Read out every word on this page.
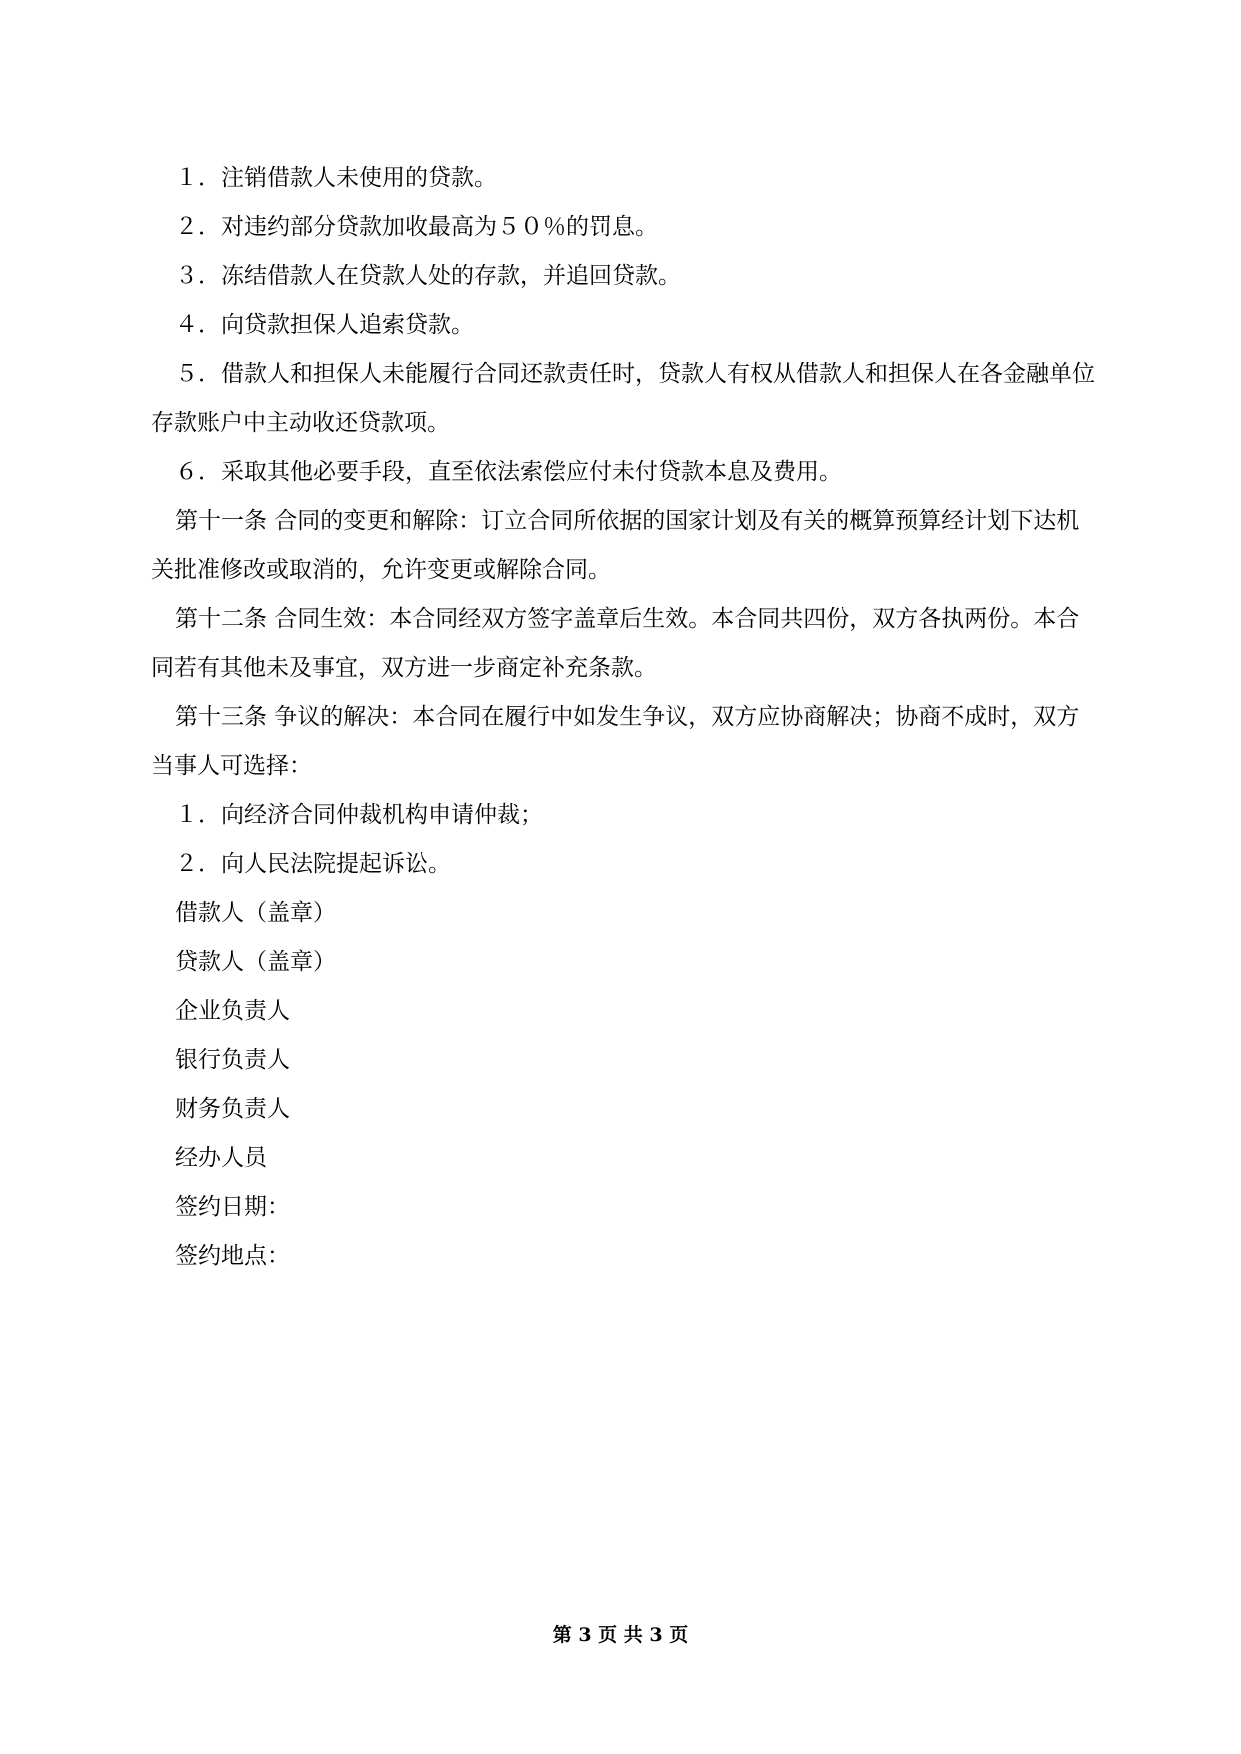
１．注销借款人未使用的贷款。

２．对违约部分贷款加收最高为５０％的罚息。

３．冻结借款人在贷款人处的存款，并追回贷款。

４．向贷款担保人追索贷款。

５．借款人和担保人未能履行合同还款责任时，贷款人有权从借款人和担保人在各金融单位存款账户中主动收还贷款项。

６．采取其他必要手段，直至依法索偿应付未付贷款本息及费用。

第十一条 合同的变更和解除：订立合同所依据的国家计划及有关的概算预算经计划下达机关批准修改或取消的，允许变更或解除合同。

第十二条 合同生效：本合同经双方签字盖章后生效。本合同共四份，双方各执两份。本合同若有其他未及事宜，双方进一步商定补充条款。

第十三条 争议的解决：本合同在履行中如发生争议，双方应协商解决；协商不成时，双方当事人可选择：

１．向经济合同仲裁机构申请仲裁；

２．向人民法院提起诉讼。

借款人（盖章）

贷款人（盖章）

企业负责人

银行负责人

财务负责人

经办人员

签约日期：

签约地点：

第 3 页 共 3 页
